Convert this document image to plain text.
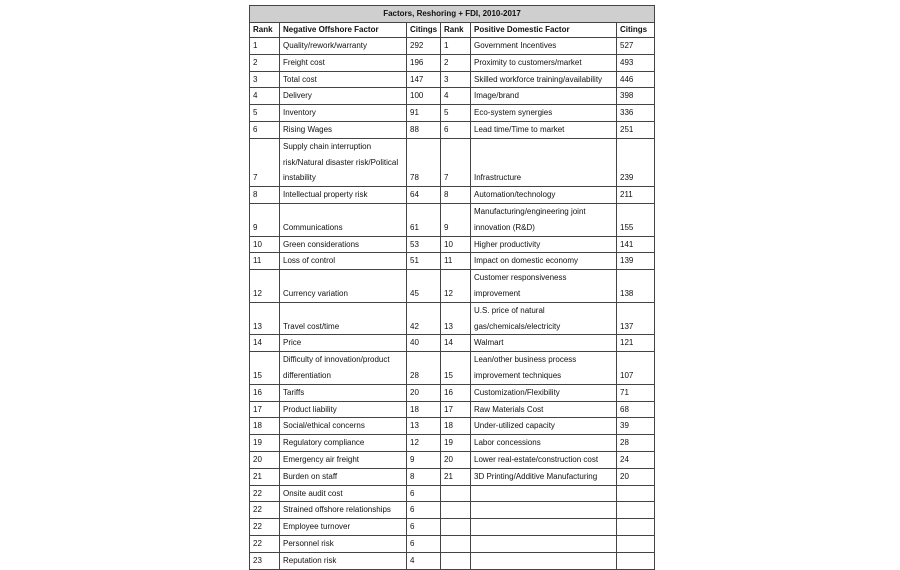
Factors, Reshoring + FDI, 2010-2017					
Rank	Negative Offshore Factor	Citings	Rank	Positive Domestic Factor	Citings
1	Quality/rework/warranty	292	1	Government Incentives	527
2	Freight cost	196	2	Proximity to customers/market	493
3	Total cost	147	3	Skilled workforce training/availability	446
4	Delivery	100	4	Image/brand	398
5	Inventory	91	5	Eco-system synergies	336
6	Rising Wages	88	6	Lead time/Time to market	251
7	Supply chain interruption risk/Natural disaster risk/Political instability	78	7	Infrastructure	239
8	Intellectual property risk	64	8	Automation/technology	211
9	Communications	61	9	Manufacturing/engineering joint innovation (R&D)	155
10	Green considerations	53	10	Higher productivity	141
11	Loss of control	51	11	Impact on domestic economy	139
12	Currency variation	45	12	Customer responsiveness improvement	138
13	Travel cost/time	42	13	U.S. price of natural gas/chemicals/electricity	137
14	Price	40	14	Walmart	121
15	Difficulty of innovation/product differentiation	28	15	Lean/other business process improvement techniques	107
16	Tariffs	20	16	Customization/Flexibility	71
17	Product liability	18	17	Raw Materials Cost	68
18	Social/ethical concerns	13	18	Under-utilized capacity	39
19	Regulatory compliance	12	19	Labor concessions	28
20	Emergency air freight	9	20	Lower real-estate/construction cost	24
21	Burden on staff	8	21	3D Printing/Additive Manufacturing	20
22	Onsite audit cost	6			
22	Strained offshore relationships	6			
22	Employee turnover	6			
22	Personnel risk	6			
23	Reputation risk	4			
